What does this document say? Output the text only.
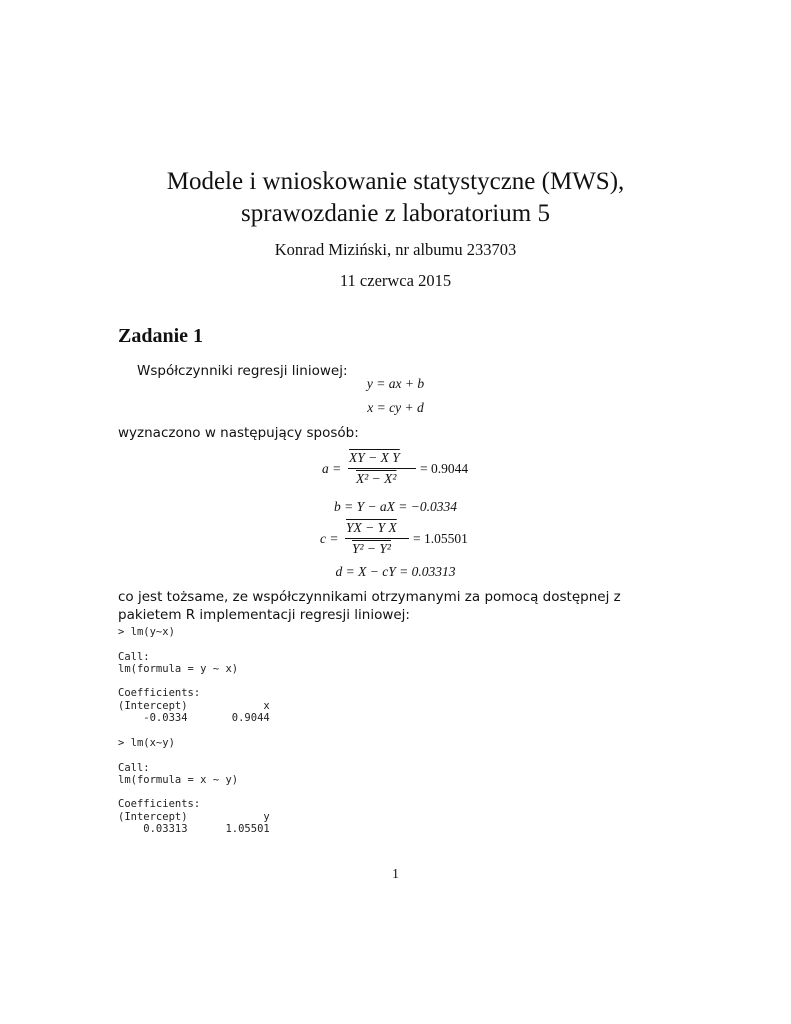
Modele i wnioskowanie statystyczne (MWS),
sprawozdanie z laboratorium 5
Konrad Miziński, nr albumu 233703
11 czerwca 2015
Zadanie 1
Współczynniki regresji liniowej:
y = ax + b
x = cy + d
wyznaczono w następujący sposób:
a =
XY − X Y
X² − X²
= 0.9044
b = Y − aX = −0.0334
c =
YX − Y X
Y² − Y²
= 1.05501
d = X − cY = 0.03313
co jest tożsame, ze współczynnikami otrzymanymi za pomocą dostępnej z pakietem R implementacji regresji liniowej:
> lm(y~x)

Call:
lm(formula = y ~ x)

Coefficients:
(Intercept)            x
-0.0334       0.9044
> lm(x~y)

Call:
lm(formula = x ~ y)

Coefficients:
(Intercept)            y
0.03313      1.05501
1
